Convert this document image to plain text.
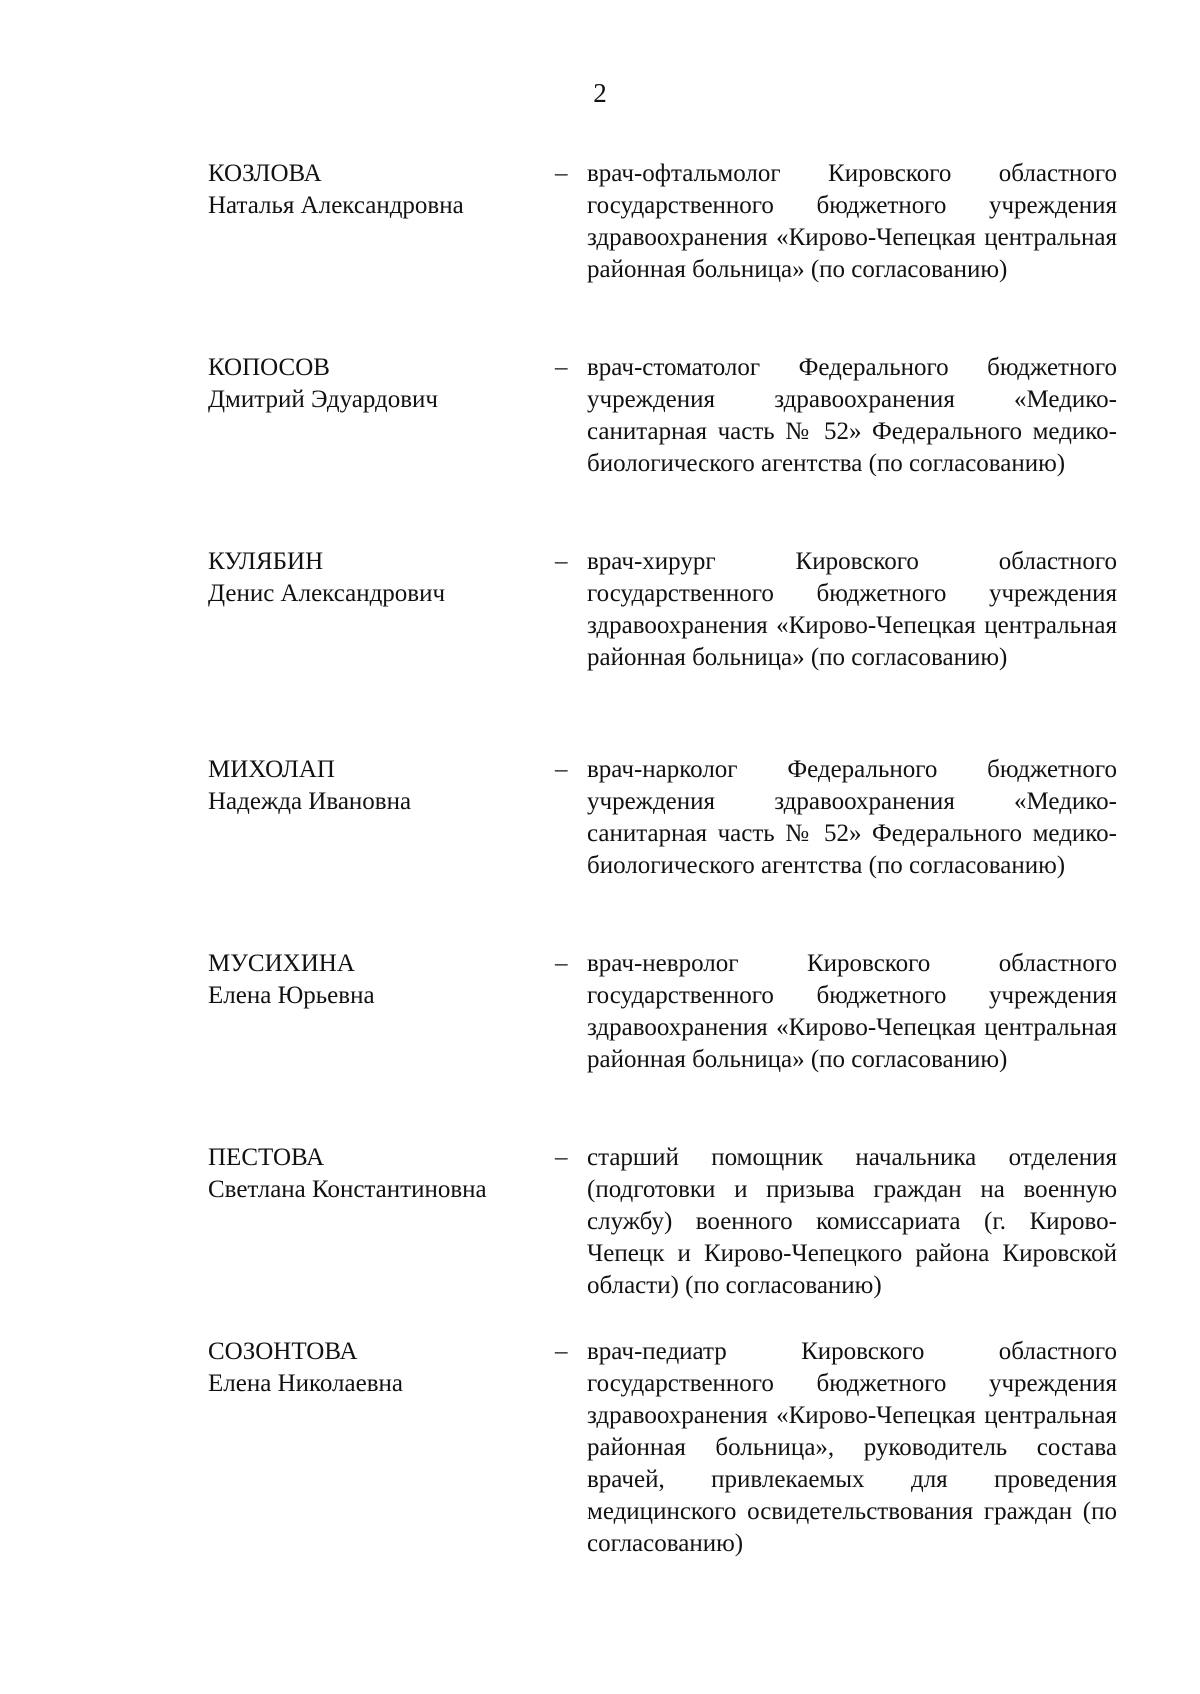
2
КОЗЛОВА
Наталья Александровна
– врач-офтальмолог Кировского областного государственного бюджетного учреждения здравоохранения «Кирово-Чепецкая центральная районная больница» (по согласованию)
КОПОСОВ
Дмитрий Эдуардович
– врач-стоматолог Федерального бюджетного учреждения здравоохранения «Медико-санитарная часть № 52» Федерального медико-биологического агентства (по согласованию)
КУЛЯБИН
Денис Александрович
– врач-хирург Кировского областного государственного бюджетного учреждения здравоохранения «Кирово-Чепецкая центральная районная больница» (по согласованию)
МИХОЛАП
Надежда Ивановна
– врач-нарколог Федерального бюджетного учреждения здравоохранения «Медико-санитарная часть № 52» Федерального медико-биологического агентства (по согласованию)
МУСИХИНА
Елена Юрьевна
– врач-невролог Кировского областного государственного бюджетного учреждения здравоохранения «Кирово-Чепецкая центральная районная больница» (по согласованию)
ПЕСТОВА
Светлана Константиновна
– старший помощник начальника отделения (подготовки и призыва граждан на военную службу) военного комиссариата (г. Кирово-Чепецк и Кирово-Чепецкого района Кировской области) (по согласованию)
СОЗОНТОВА
Елена Николаевна
– врач-педиатр Кировского областного государственного бюджетного учреждения здравоохранения «Кирово-Чепецкая центральная районная больница», руководитель состава врачей, привлекаемых для проведения медицинского освидетельствования граждан (по согласованию)
